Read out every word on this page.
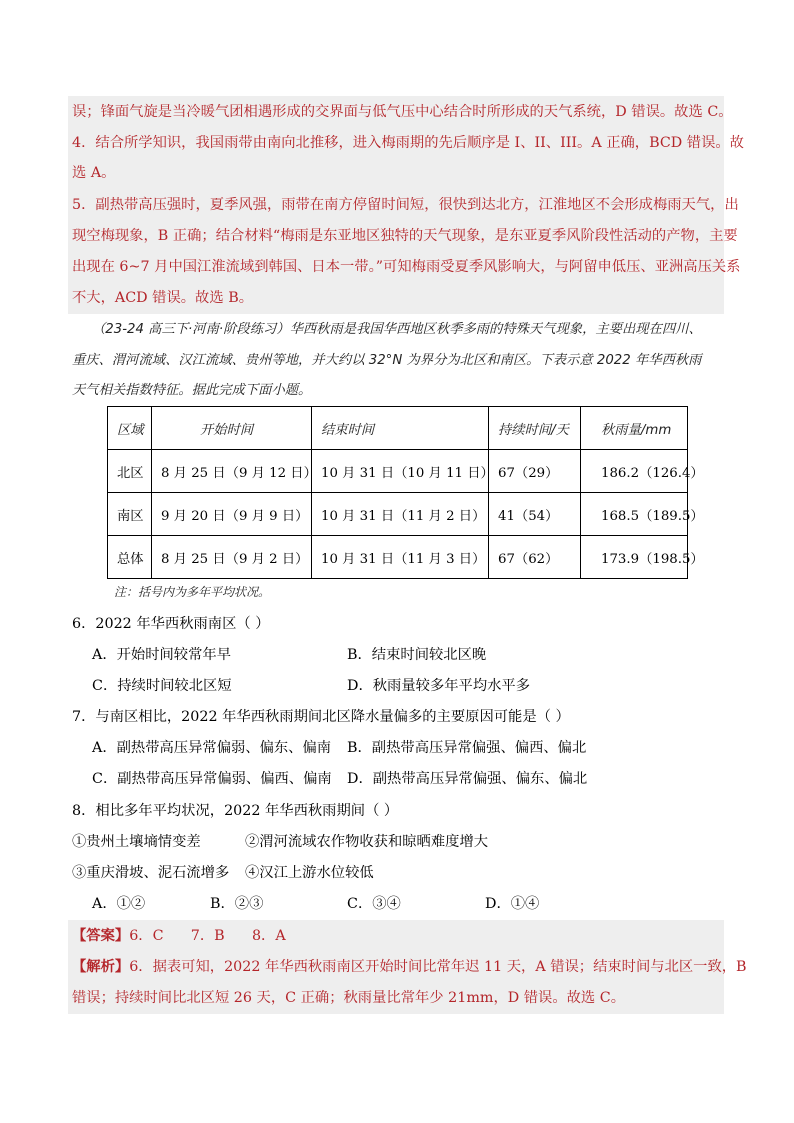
误；锋面气旋是当冷暖气团相遇形成的交界面与低气压中心结合时所形成的天气系统，D 错误。故选 C。
4．结合所学知识，我国雨带由南向北推移，进入梅雨期的先后顺序是 I、II、III。A 正确，BCD 错误。故
选 A。
5．副热带高压强时，夏季风强，雨带在南方停留时间短，很快到达北方，江淮地区不会形成梅雨天气，出
现空梅现象，B 正确；结合材料“梅雨是东亚地区独特的天气现象，是东亚夏季风阶段性活动的产物，主要
出现在 6~7 月中国江淮流域到韩国、日本一带。”可知梅雨受夏季风影响大，与阿留申低压、亚洲高压关系
不大，ACD 错误。故选 B。
（23-24 高三下·河南·阶段练习）华西秋雨是我国华西地区秋季多雨的特殊天气现象，主要出现在四川、
重庆、渭河流域、汉江流域、贵州等地，并大约以 32°N 为界分为北区和南区。下表示意 2022 年华西秋雨
天气相关指数特征。据此完成下面小题。
区域	开始时间	结束时间	持续时间/天	秋雨量/mm
北区	8 月 25 日（9 月 12 日）	10 月 31 日（10 月 11 日）	67（29）	186.2（126.4）
南区	9 月 20 日（9 月 9 日）	10 月 31 日（11 月 2 日）	41（54）	168.5（189.5）
总体	8 月 25 日（9 月 2 日）	10 月 31 日（11 月 3 日）	67（62）	173.9（198.5）
注：括号内为多年平均状况。
6．2022 年华西秋雨南区（ ）
A．开始时间较常年早	B．结束时间较北区晚
C．持续时间较北区短	D．秋雨量较多年平均水平多
7．与南区相比，2022 年华西秋雨期间北区降水量偏多的主要原因可能是（ ）
A．副热带高压异常偏弱、偏东、偏南 B．副热带高压异常偏强、偏西、偏北
C．副热带高压异常偏弱、偏西、偏南 D．副热带高压异常偏强、偏东、偏北
8．相比多年平均状况，2022 年华西秋雨期间（ ）
①贵州土壤墒情变差	②渭河流域农作物收获和晾晒难度增大
③重庆滑坡、泥石流增多 ④汉江上游水位较低
A．①②	B．②③	C．③④	D．①④
【答案】6．C      7．B      8．A
【解析】6．据表可知，2022 年华西秋雨南区开始时间比常年迟 11 天，A 错误；结束时间与北区一致，B
错误；持续时间比北区短 26 天，C 正确；秋雨量比常年少 21mm，D 错误。故选 C。
